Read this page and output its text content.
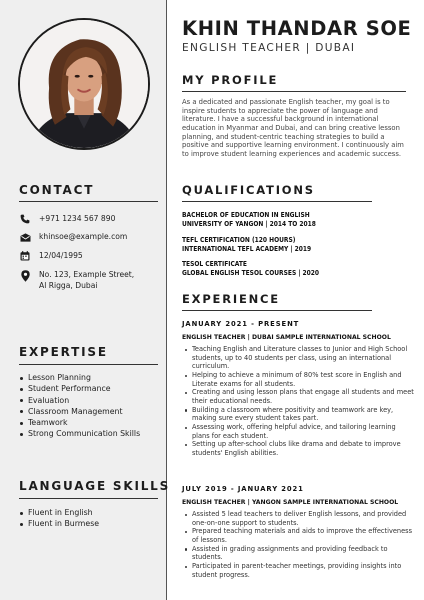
CONTACT
+971 1234 567 890
khinsoe@example.com
12/04/1995
No. 123, Example Street,
Al Rigga, Dubai
EXPERTISE
Lesson Planning
Student Performance
Evaluation
Classroom Management
Teamwork
Strong Communication Skills
LANGUAGE SKILLS
Fluent in English
Fluent in Burmese
KHIN THANDAR SOE
ENGLISH TEACHER | DUBAI
MY PROFILE
As a dedicated and passionate English teacher, my goal is to inspire students to appreciate the power of language and literature. I have a successful background in international education in Myanmar and Dubai, and can bring creative lesson planning, and student-centric teaching strategies to build a positive and supportive learning environment. I continuously aim to improve student learning experiences and academic success.
QUALIFICATIONS
BACHELOR OF EDUCATION IN ENGLISH
UNIVERSITY OF YANGON | 2014 TO 2018
TEFL CERTIFICATION (120 HOURS)
INTERNATIONAL TEFL ACADEMY | 2019
TESOL CERTIFICATE
GLOBAL ENGLISH TESOL COURSES | 2020
EXPERIENCE
JANUARY 2021 - PRESENT
ENGLISH TEACHER | DUBAI SAMPLE INTERNATIONAL SCHOOL
Teaching English and Literature classes to Junior and High School students, up to 40 students per class, using an international curriculum.
Helping to achieve a minimum of 80% test score in English and Literate exams for all students.
Creating and using lesson plans that engage all students and meet their educational needs.
Building a classroom where positivity and teamwork are key, making sure every student takes part.
Assessing work, offering helpful advice, and tailoring learning plans for each student.
Setting up after-school clubs like drama and debate to improve students' English abilities.
JULY 2019 - JANUARY 2021
ENGLISH TEACHER | YANGON SAMPLE INTERNATIONAL SCHOOL
Assisted 5 lead teachers to deliver English lessons, and provided one-on-one support to students.
Prepared teaching materials and aids to improve the effectiveness of lessons.
Assisted in grading assignments and providing feedback to students.
Participated in parent-teacher meetings, providing insights into student progress.
